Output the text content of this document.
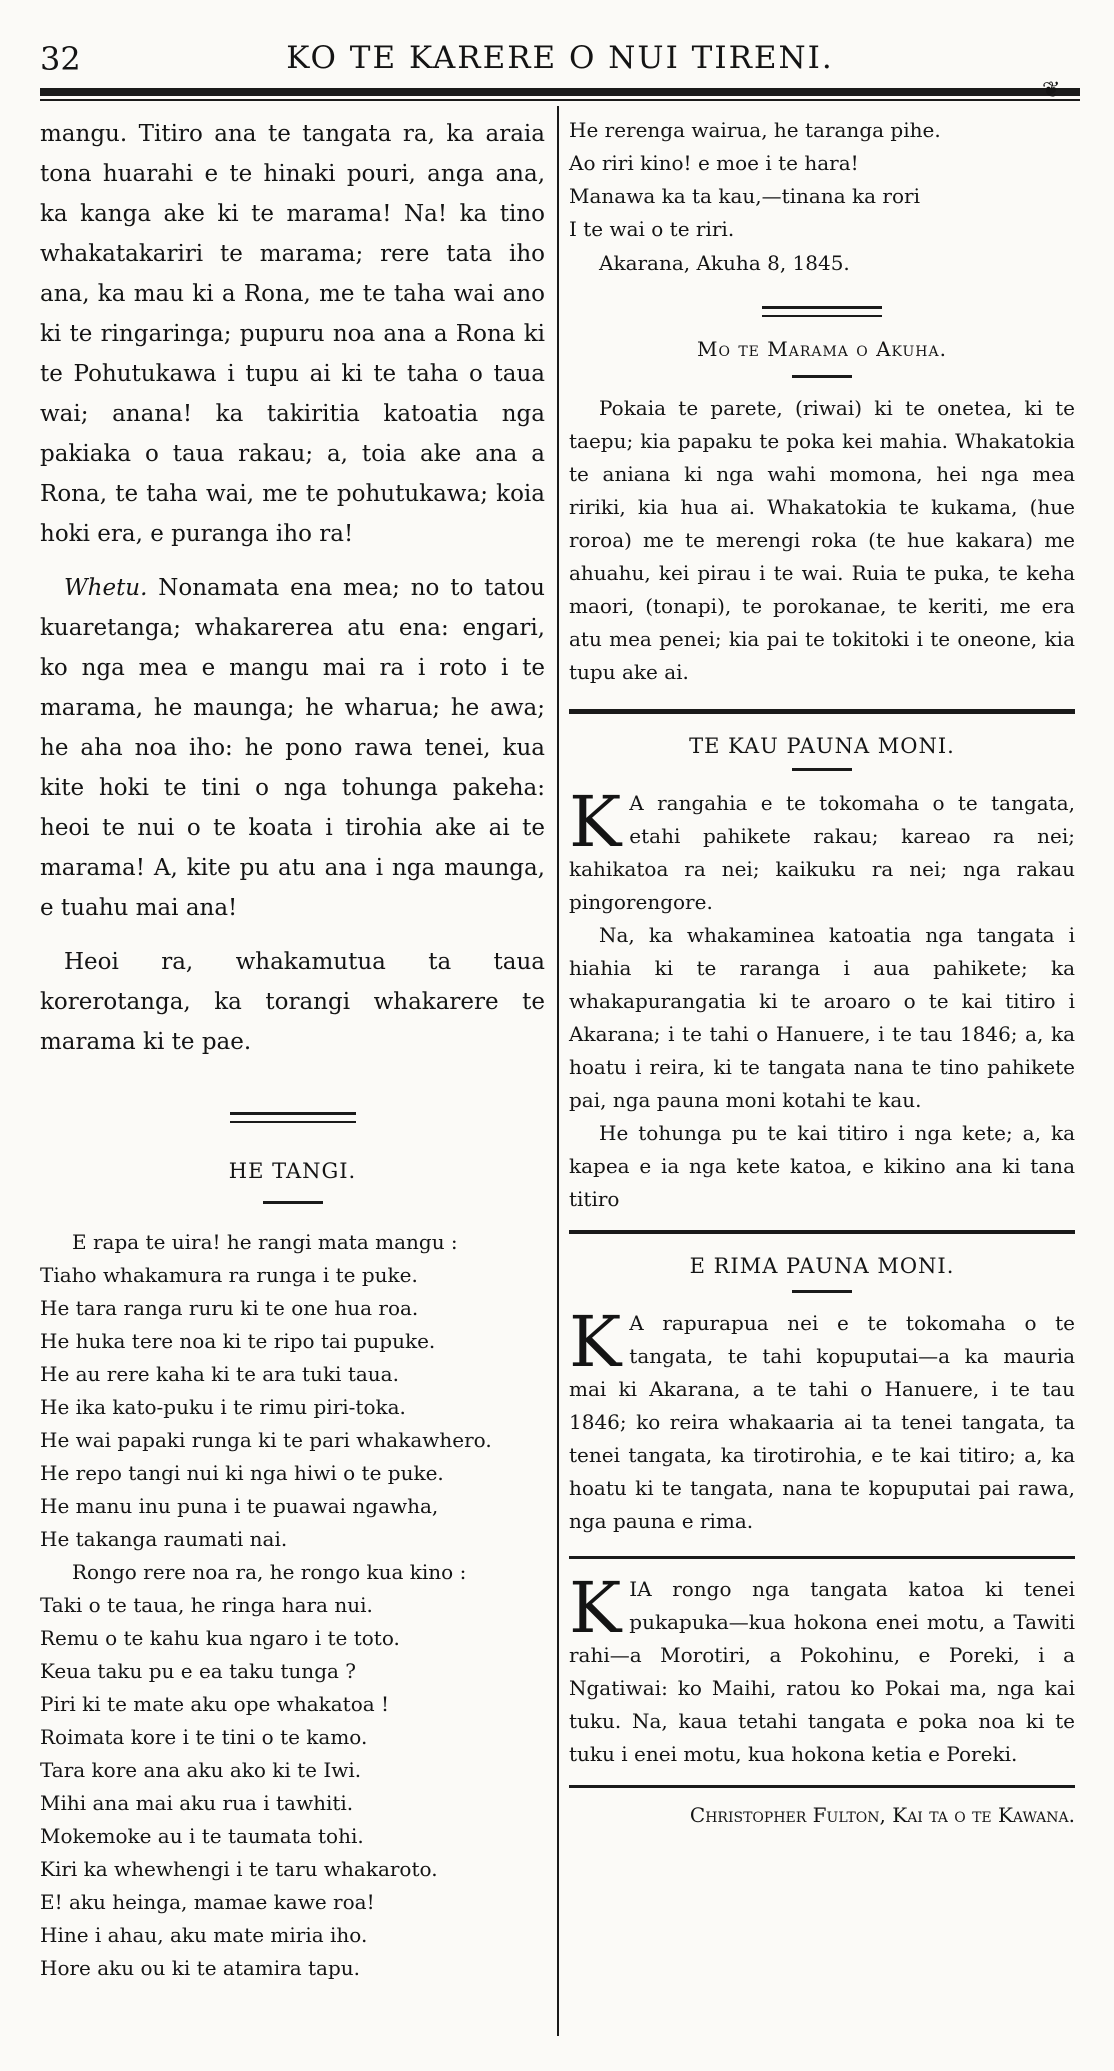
32	KO TE KARERE O NUI TIRENI.
❦

mangu. Titiro ana te tangata ra, ka araia tona huarahi e te hinaki pouri, anga ana, ka kanga ake ki te marama! Na! ka tino whakatakariri te marama; rere tata iho ana, ka mau ki a Rona, me te taha wai ano ki te ringaringa; pupuru noa ana a Rona ki te Pohutukawa i tupu ai ki te taha o taua wai; anana! ka takiritia katoatia nga pakiaka o taua rakau; a, toia ake ana a Rona, te taha wai, me te pohutukawa; koia hoki era, e puranga iho ra!

Whetu. Nonamata ena mea; no to tatou kuaretanga; whakarerea atu ena: engari, ko nga mea e mangu mai ra i roto i te marama, he maunga; he wharua; he awa; he aha noa iho: he pono rawa tenei, kua kite hoki te tini o nga tohunga pakeha: heoi te nui o te koata i tirohia ake ai te marama! A, kite pu atu ana i nga maunga, e tuahu mai ana!

Heoi ra, whakamutua ta taua korerotanga, ka torangi whakarere te marama ki te pae.

HE TANGI.
E rapa te uira! he rangi mata mangu :
Tiaho whakamura ra runga i te puke.
He tara ranga ruru ki te one hua roa.
He huka tere noa ki te ripo tai pupuke.
He au rere kaha ki te ara tuki taua.
He ika kato-puku i te rimu piri-toka.
He wai papaki runga ki te pari whakawhero.
He repo tangi nui ki nga hiwi o te puke.
He manu inu puna i te puawai ngawha,
He takanga raumati nai.
Rongo rere noa ra, he rongo kua kino :
Taki o te taua, he ringa hara nui.
Remu o te kahu kua ngaro i te toto.
Keua taku pu e ea taku tunga ?
Piri ki te mate aku ope whakatoa !
Roimata kore i te tini o te kamo.
Tara kore ana aku ako ki te Iwi.
Mihi ana mai aku rua i tawhiti.
Mokemoke au i te taumata tohi.
Kiri ka whewhengi i te taru whakaroto.
E! aku heinga, mamae kawe roa!
Hine i ahau, aku mate miria iho.
Hore aku ou ki te atamira tapu.
He rerenga wairua, he taranga pihe.
Ao riri kino! e moe i te hara!
Manawa ka ta kau,—tinana ka rori
I te wai o te riri.
Akarana, Akuha 8, 1845.
Mo te Marama o Akuha.

Pokaia te parete, (riwai) ki te onetea, ki te taepu; kia papaku te poka kei mahia. Whakatokia te aniana ki nga wahi momona, hei nga mea ririki, kia hua ai. Whakatokia te kukama, (hue roroa) me te merengi roka (te hue kakara) me ahuahu, kei pirau i te wai. Ruia te puka, te keha maori, (tonapi), te porokanae, te keriti, me era atu mea penei; kia pai te tokitoki i te oneone, kia tupu ake ai.

TE KAU PAUNA MONI.

K A rangahia e te tokomaha o te tangata, etahi pahikete rakau; kareao ra nei; kahikatoa ra nei; kaikuku ra nei; nga rakau pingorengore.

Na, ka whakaminea katoatia nga tangata i hiahia ki te raranga i aua pahikete; ka whakapurangatia ki te aroaro o te kai titiro i Akarana; i te tahi o Hanuere, i te tau 1846; a, ka hoatu i reira, ki te tangata nana te tino pahikete pai, nga pauna moni kotahi te kau.

He tohunga pu te kai titiro i nga kete; a, ka kapea e ia nga kete katoa, e kikino ana ki tana titiro

E RIMA PAUNA MONI.

K A rapurapua nei e te tokomaha o te tangata, te tahi kopuputai—a ka mauria mai ki Akarana, a te tahi o Hanuere, i te tau 1846; ko reira whakaaria ai ta tenei tangata, ta tenei tangata, ka tirotirohia, e te kai titiro; a, ka hoatu ki te tangata, nana te kopuputai pai rawa, nga pauna e rima.

KIA rongo nga tangata katoa ki tenei pukapuka—kua hokona enei motu, a Tawiti rahi—a Morotiri, a Pokohinu, e Poreki, i a Ngatiwai: ko Maihi, ratou ko Pokai ma, nga kai tuku. Na, kaua tetahi tangata e poka noa ki te tuku i enei motu, kua hokona ketia e Poreki.

Christopher Fulton, Kai ta o te Kawana.
